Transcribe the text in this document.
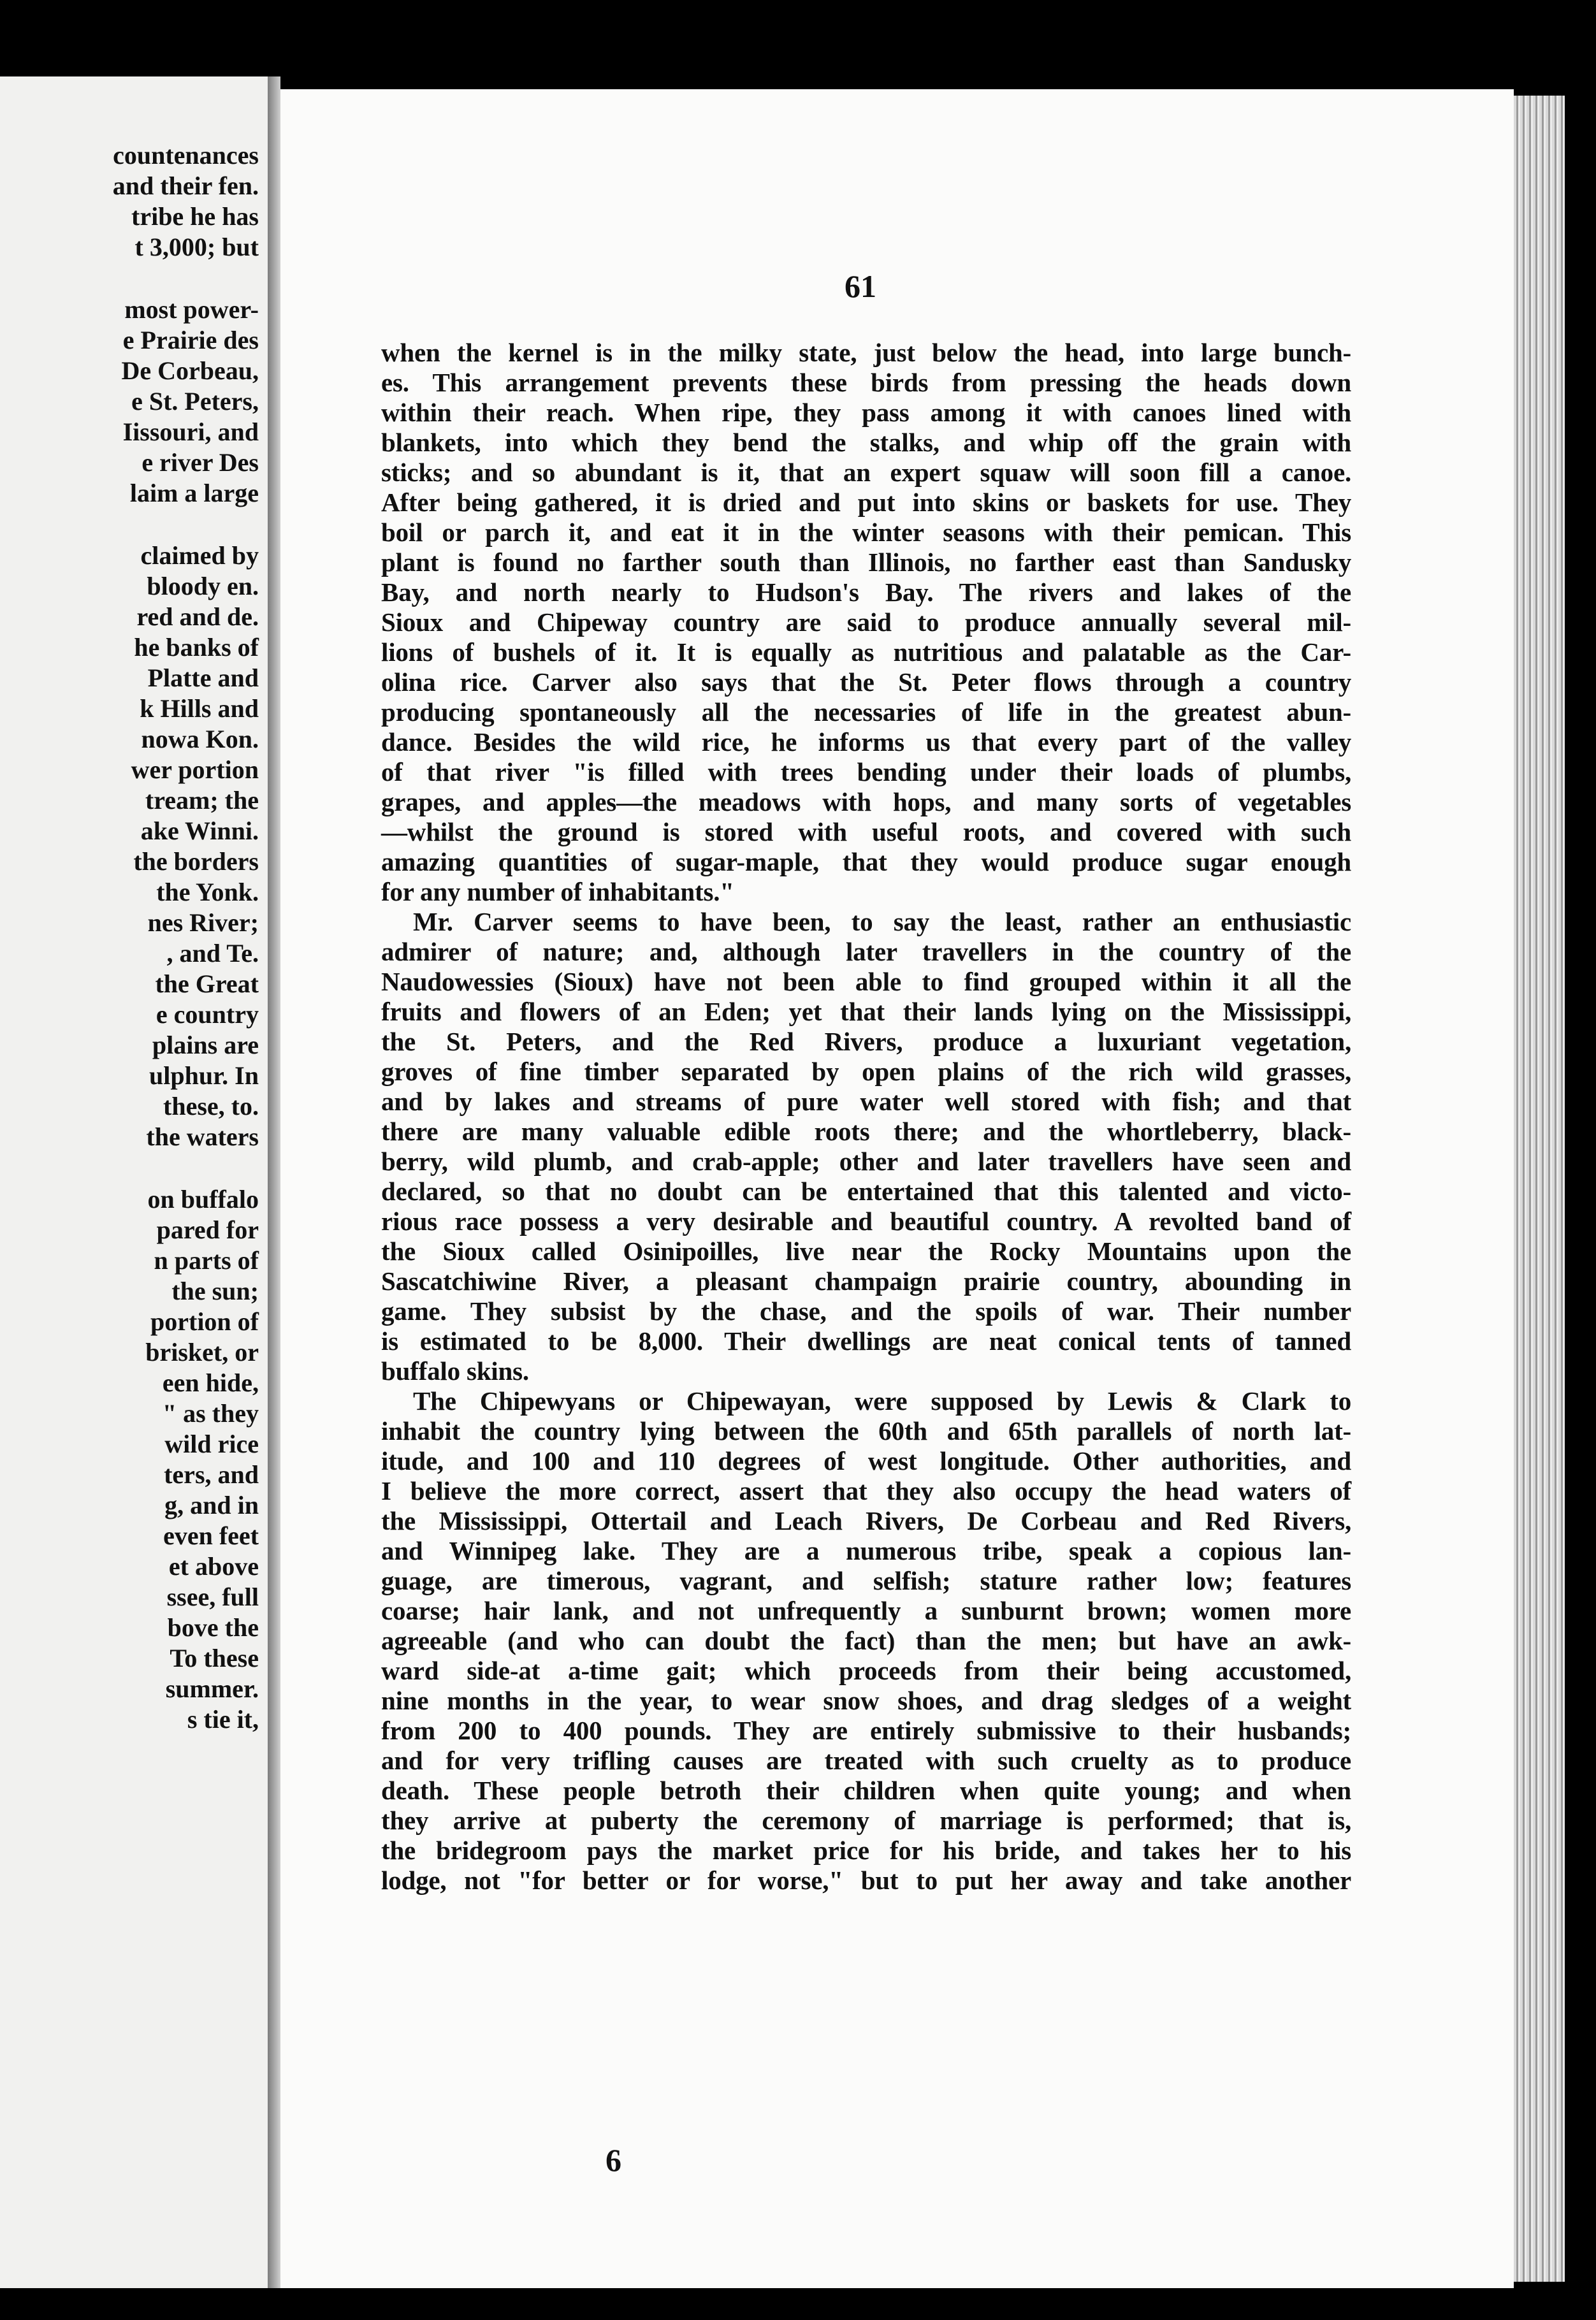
countenances
and their fen.
tribe he has
t 3,000; but
most power-
e Prairie des
De Corbeau,
e St. Peters,
Iissouri, and
e river Des
laim a large
claimed by
bloody en.
red and de.
he banks of
Platte and
k Hills and
nowa Kon.
wer portion
tream; the
ake Winni.
the borders
the Yonk.
nes River;
, and Te.
the Great
e country
plains are
ulphur. In
these, to.
the waters
on buffalo
pared for
n parts of
the sun;
portion of
brisket, or
een hide,
" as they
wild rice
ters, and
g, and in
even feet
et above
ssee, full
bove the
To these
summer.
s tie it,
61
when the kernel is in the milky state, just below the head, into large bunch-
es. This arrangement prevents these birds from pressing the heads down
within their reach. When ripe, they pass among it with canoes lined with
blankets, into which they bend the stalks, and whip off the grain with
sticks; and so abundant is it, that an expert squaw will soon fill a canoe.
After being gathered, it is dried and put into skins or baskets for use. They
boil or parch it, and eat it in the winter seasons with their pemican. This
plant is found no farther south than Illinois, no farther east than Sandusky
Bay, and north nearly to Hudson's Bay. The rivers and lakes of the
Sioux and Chipeway country are said to produce annually several mil-
lions of bushels of it. It is equally as nutritious and palatable as the Car-
olina rice. Carver also says that the St. Peter flows through a country
producing spontaneously all the necessaries of life in the greatest abun-
dance. Besides the wild rice, he informs us that every part of the valley
of that river "is filled with trees bending under their loads of plumbs,
grapes, and apples—the meadows with hops, and many sorts of vegetables
—whilst the ground is stored with useful roots, and covered with such
amazing quantities of sugar-maple, that they would produce sugar enough
for any number of inhabitants."
Mr. Carver seems to have been, to say the least, rather an enthusiastic
admirer of nature; and, although later travellers in the country of the
Naudowessies (Sioux) have not been able to find grouped within it all the
fruits and flowers of an Eden; yet that their lands lying on the Mississippi,
the St. Peters, and the Red Rivers, produce a luxuriant vegetation,
groves of fine timber separated by open plains of the rich wild grasses,
and by lakes and streams of pure water well stored with fish; and that
there are many valuable edible roots there; and the whortleberry, black-
berry, wild plumb, and crab-apple; other and later travellers have seen and
declared, so that no doubt can be entertained that this talented and victo-
rious race possess a very desirable and beautiful country. A revolted band of
the Sioux called Osinipoilles, live near the Rocky Mountains upon the
Sascatchiwine River, a pleasant champaign prairie country, abounding in
game. They subsist by the chase, and the spoils of war. Their number
is estimated to be 8,000. Their dwellings are neat conical tents of tanned
buffalo skins.
The Chipewyans or Chipewayan, were supposed by Lewis & Clark to
inhabit the country lying between the 60th and 65th parallels of north lat-
itude, and 100 and 110 degrees of west longitude. Other authorities, and
I believe the more correct, assert that they also occupy the head waters of
the Mississippi, Ottertail and Leach Rivers, De Corbeau and Red Rivers,
and Winnipeg lake. They are a numerous tribe, speak a copious lan-
guage, are timerous, vagrant, and selfish; stature rather low; features
coarse; hair lank, and not unfrequently a sunburnt brown; women more
agreeable (and who can doubt the fact) than the men; but have an awk-
ward side-at a-time gait; which proceeds from their being accustomed,
nine months in the year, to wear snow shoes, and drag sledges of a weight
from 200 to 400 pounds. They are entirely submissive to their husbands;
and for very trifling causes are treated with such cruelty as to produce
death. These people betroth their children when quite young; and when
they arrive at puberty the ceremony of marriage is performed; that is,
the bridegroom pays the market price for his bride, and takes her to his
lodge, not "for better or for worse," but to put her away and take another
6
